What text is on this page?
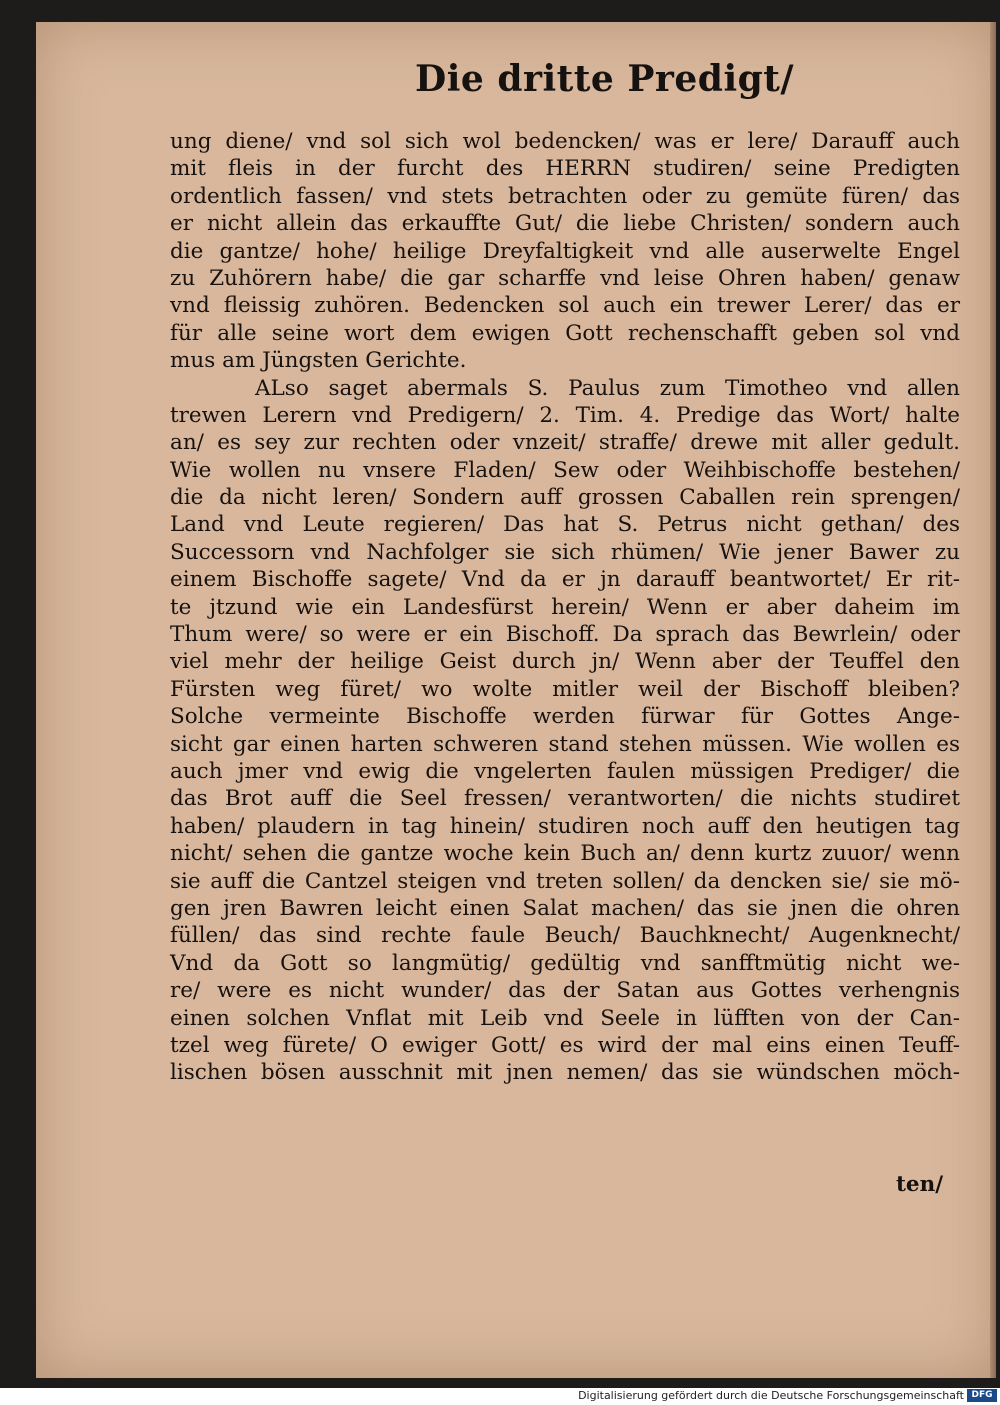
Die dritte Predigt/
ung diene/ vnd sol sich wol bedencken/ was er lere/ Darauff auch
mit fleis in der furcht des HERRN studiren/ seine Predigten
ordentlich fassen/ vnd stets betrachten oder zu gemüte füren/ das
er nicht allein das erkauffte Gut/ die liebe Christen/ sondern auch
die gantze/ hohe/ heilige Dreyfaltigkeit vnd alle auserwelte Engel
zu Zuhörern habe/ die gar scharffe vnd leise Ohren haben/ genaw
vnd fleissig zuhören. Bedencken sol auch ein trewer Lerer/ das er
für alle seine wort dem ewigen Gott rechenschafft geben sol vnd
mus am Jüngsten Gerichte.
ALso saget abermals S. Paulus zum Timotheo vnd allen
trewen Lerern vnd Predigern/ 2. Tim. 4. Predige das Wort/ halte
an/ es sey zur rechten oder vnzeit/ straffe/ drewe mit aller gedult.
Wie wollen nu vnsere Fladen/ Sew oder Weihbischoffe bestehen/
die da nicht leren/ Sondern auff grossen Caballen rein sprengen/
Land vnd Leute regieren/ Das hat S. Petrus nicht gethan/ des
Successorn vnd Nachfolger sie sich rhümen/ Wie jener Bawer zu
einem Bischoffe sagete/ Vnd da er jn darauff beantwortet/ Er rit-
te jtzund wie ein Landesfürst herein/ Wenn er aber daheim im
Thum were/ so were er ein Bischoff. Da sprach das Bewrlein/ oder
viel mehr der heilige Geist durch jn/ Wenn aber der Teuffel den
Fürsten weg füret/ wo wolte mitler weil der Bischoff bleiben?
Solche vermeinte Bischoffe werden fürwar für Gottes Ange-
sicht gar einen harten schweren stand stehen müssen. Wie wollen es
auch jmer vnd ewig die vngelerten faulen müssigen Prediger/ die
das Brot auff die Seel fressen/ verantworten/ die nichts studiret
haben/ plaudern in tag hinein/ studiren noch auff den heutigen tag
nicht/ sehen die gantze woche kein Buch an/ denn kurtz zuuor/ wenn
sie auff die Cantzel steigen vnd treten sollen/ da dencken sie/ sie mö-
gen jren Bawren leicht einen Salat machen/ das sie jnen die ohren
füllen/ das sind rechte faule Beuch/ Bauchknecht/ Augenknecht/
Vnd da Gott so langmütig/ gedültig vnd sanfftmütig nicht we-
re/ were es nicht wunder/ das der Satan aus Gottes verhengnis
einen solchen Vnflat mit Leib vnd Seele in lüfften von der Can-
tzel weg fürete/ O ewiger Gott/ es wird der mal eins einen Teuff-
lischen bösen ausschnit mit jnen nemen/ das sie wündschen möch-
ten/
Digitalisierung gefördert durch die Deutsche Forschungsgemeinschaft DFG
